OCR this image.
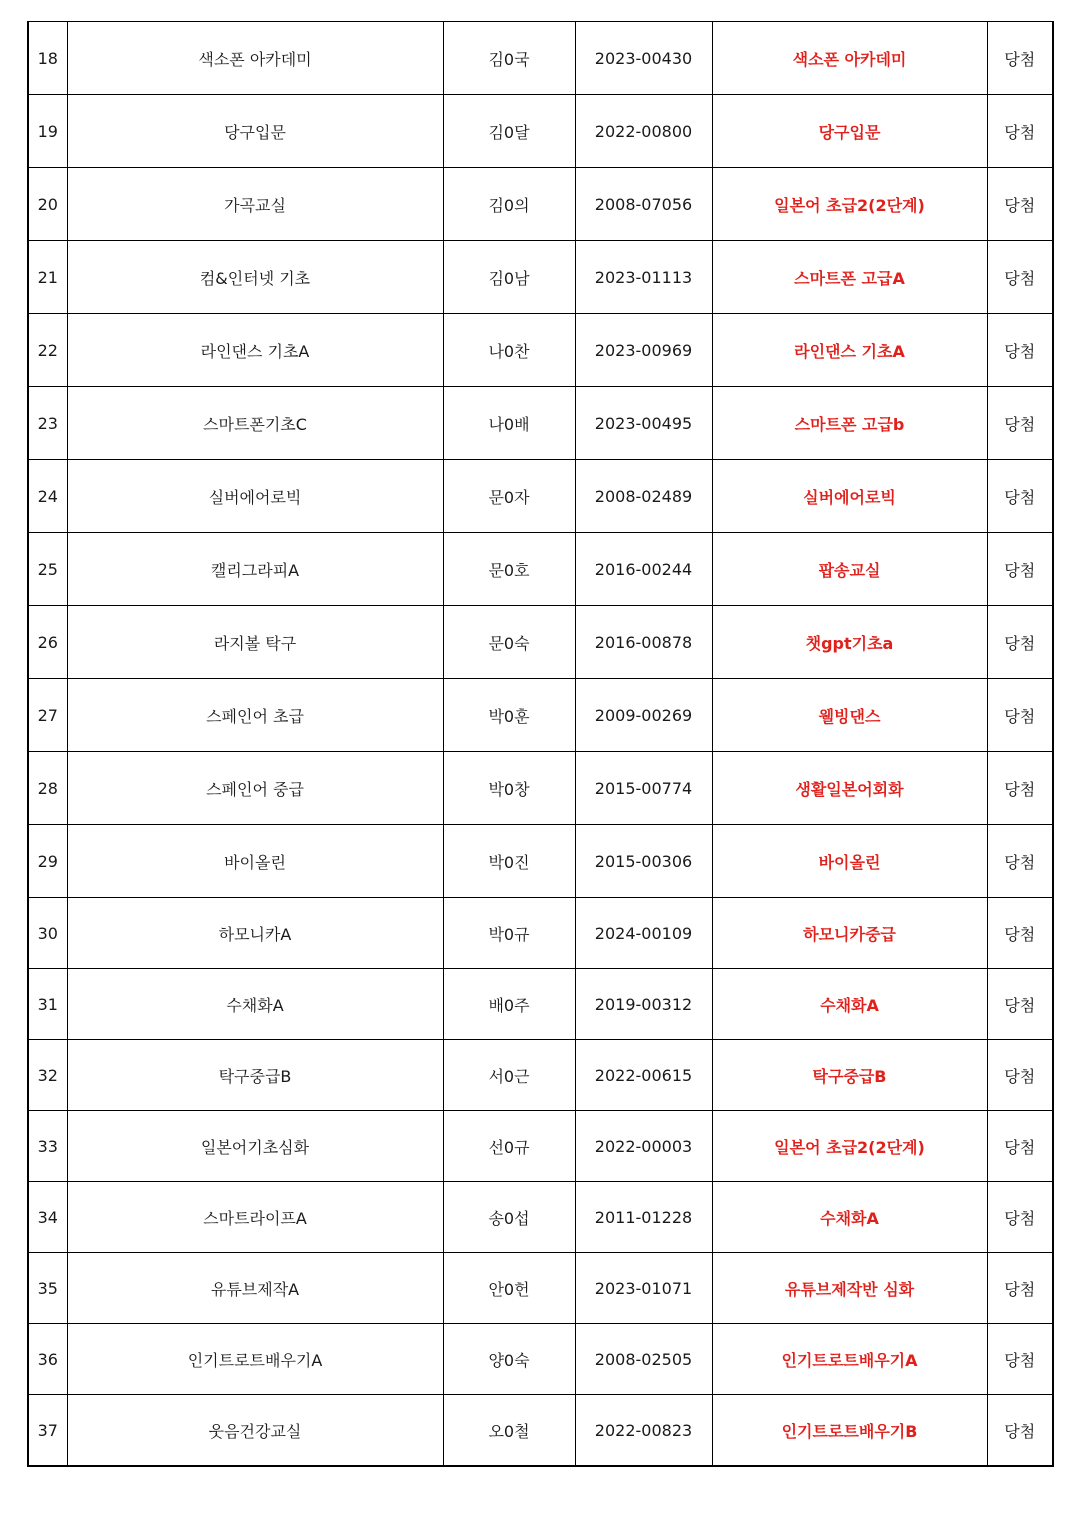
18	색소폰 아카데미	김0국	2023-00430	색소폰 아카데미	당첨
19	당구입문	김0달	2022-00800	당구입문	당첨
20	가곡교실	김0의	2008-07056	일본어 초급2(2단계)	당첨
21	컴&인터넷 기초	김0남	2023-01113	스마트폰 고급A	당첨
22	라인댄스 기초A	나0찬	2023-00969	라인댄스 기초A	당첨
23	스마트폰기초C	나0배	2023-00495	스마트폰 고급b	당첨
24	실버에어로빅	문0자	2008-02489	실버에어로빅	당첨
25	캘리그라피A	문0호	2016-00244	팝송교실	당첨
26	라지볼 탁구	문0숙	2016-00878	챗gpt기초a	당첨
27	스페인어 초급	박0훈	2009-00269	웰빙댄스	당첨
28	스페인어 중급	박0창	2015-00774	생활일본어회화	당첨
29	바이올린	박0진	2015-00306	바이올린	당첨
30	하모니카A	박0규	2024-00109	하모니카중급	당첨
31	수채화A	배0주	2019-00312	수채화A	당첨
32	탁구중급B	서0근	2022-00615	탁구중급B	당첨
33	일본어기초심화	선0규	2022-00003	일본어 초급2(2단계)	당첨
34	스마트라이프A	송0섭	2011-01228	수채화A	당첨
35	유튜브제작A	안0헌	2023-01071	유튜브제작반 심화	당첨
36	인기트로트배우기A	양0숙	2008-02505	인기트로트배우기A	당첨
37	웃음건강교실	오0철	2022-00823	인기트로트배우기B	당첨
